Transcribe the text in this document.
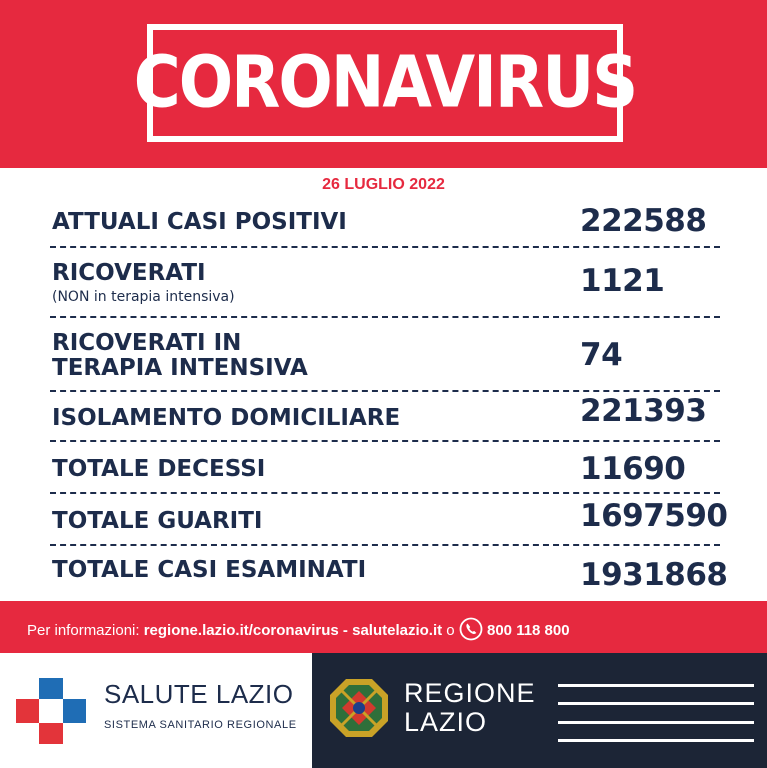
CORONAVIRUS
26 LUGLIO 2022
ATTUALI CASI POSITIVI	222588
RICOVERATI
(NON in terapia intensiva)	1121
RICOVERATI IN
TERAPIA INTENSIVA	74
ISOLAMENTO DOMICILIARE	221393
TOTALE DECESSI	11690
TOTALE GUARITI	1697590
TOTALE CASI ESAMINATI	1931868
Per informazioni: regione.lazio.it/coronavirus - salutelazio.it o  800 118 800
SALUTE LAZIO
SISTEMA SANITARIO REGIONALE
REGIONE
LAZIO
